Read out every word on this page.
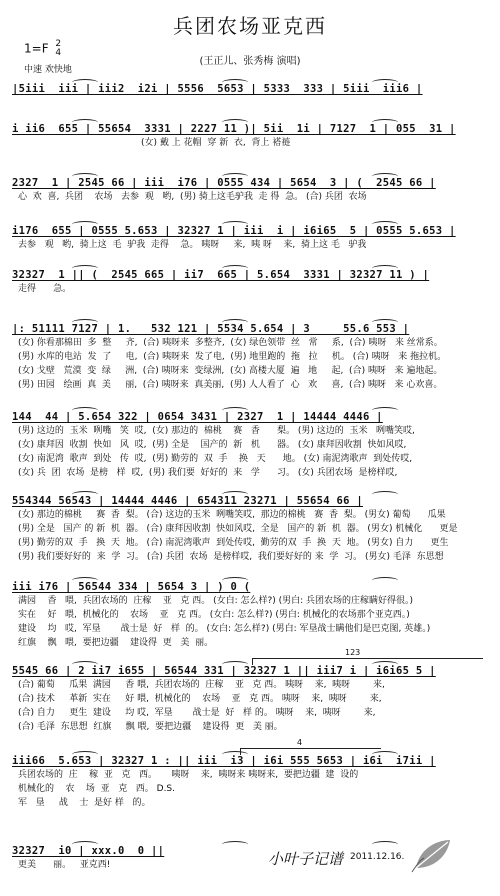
兵团农场亚克西
1=F 2
4
(王正儿、张秀梅 演唱)
中速 欢快地
|5iii  iii | iii2  i2i | 5556  5653 | 5333  333 | 5iii  iii6 |
i ii6  655 | 55654  3331 | 2227 11 )| 5ii  1i | 7127  1 | 055  31 |
(女) 戴 上 花帽  穿 新  衣,  背上 褡裢
2327  1 | 2545 66 | iii  i76 | 0555 434 | 5654  3 | (  2545 66 |
心  欢  喜,  兵团    农场   去参  观   哟,  (男) 骑上这毛驴我  走 得  急。 (合) 兵团  农场
i176  655 | 0555 5.653 | 32327 1 | iii  i | i6i65  5 | 0555 5.653 |
去参   观   哟,  骑上这  毛  驴我  走得    急。 咦呀     来,  咦 呀    来,  骑上这 毛   驴我
32327  1 || (  2545 665 | ii7  665 | 5.654  3331 | 32327 11 ) |
走得      急。
|: 51111 7127 | 1.   532 121 | 5534 5.654 | 3     55.6 553 |
(女) 你看那棉田  多  整     齐,  (合) 咦呀来  多整齐,  (女) 绿色领带  丝   常     系,  (合) 咦呀   来 丝常系。
(男) 水库的电站  发  了     电,  (合) 咦呀来  发了电,  (男) 地里跑的  拖   拉     机。 (合) 咦呀   来 拖拉机。
(女) 戈壁   荒漠  变  绿     洲,  (合) 咦呀来  变绿洲,  (女) 高楼大厦  遍   地     起,  (合) 咦呀   来 遍地起。
(男) 田园   绘画  真  美     丽,  (合) 咦呀来  真美丽,  (男) 人人看了  心   欢     喜,  (合) 咦呀   来 心欢喜。
144  44 | 5.654 322 | 0654 3431 | 2327  1 | 14444 4446 |
(男) 这边的  玉米  咧嘴   笑  哎,  (女) 那边的  棉桃    赛   香      梨。 (男) 这边的  玉米   咧嘴笑哎,
(女) 康拜因  收割  快如   风  哎,  (男) 全是    国产的  新   机      器。 (女) 康拜因收割  快如风哎,
(女) 南泥湾  歌声  到处   传  哎,  (男) 勤劳的  双  手    换   天      地。 (女) 南泥湾歌声  到处传哎,
(女) 兵  团  农场  是榜   样  哎,  (男) 我们要  好好的  来   学      习。 (女) 兵团农场  是榜样哎,
554344 56543 | 14444 4446 | 654311 23271 | 55654 66 |
(女) 那边的棉桃     赛  香  梨。 (合) 这边的玉米  咧嘴笑哎,  那边的棉桃   赛  香  梨。 (男女) 葡萄      瓜果
(男) 全是   国产 的 新  机  器。 (合) 康拜因收割  快如风哎,  全是   国产的 新  机  器。 (男女) 机械化      更是
(男) 勤劳的双  手   换  天  地。 (合) 南泥湾歌声  到处传哎,  勤劳的双  手  换  天  地。 (男女) 自力      更生
(男) 我们要好好的  来  学  习。 (合) 兵团  农场  是榜样哎,  我们要好好的 来  学  习。 (男女) 毛泽  东思想
iii i76 | 56544 334 | 5654 3 | ) 0 (
满园    香   喂,  兵团农场的  庄稼    亚   克 西。 (女白: 怎么样?) (男白: 兵团农场的庄稼瞒好得很。)
实在    好   喂,  机械化的    农场    亚   克 西。 (女白: 怎么样?) (男白: 机械化的农场那个亚克西。)
建设    均   哎,  军垦       战士是  好   样  的。 (女白: 怎么样?) (男白: 军垦战士瞒他们是巴克图, 英雄。)
红旗    飘   喂,  要把边疆    建设得  更   美  丽。
123
5545 66 | 2 ii7 i655 | 56544 331 | 32327 1 || iii7 i | i6i65 5 |
(合) 葡萄     瓜果  满园     香 喂,  兵团农场的  庄稼    亚   克 西。 咦呀    来,  咦呀        来,
(合) 技术     革新  实在     好 喂,  机械化的    农场    亚   克 西。 咦呀    来,  咦呀        来,
(合) 自力     更生  建设     均 哎,  军垦       战士是  好   样 的。 咦呀    来,  咦呀        来,
(合) 毛泽  东思想  红旗     飘 喂,  要把边疆    建设得  更   美 丽。
4
iii66  5.653 | 32327 1 : || iii  i3 | i6i 555 5653 | i6i  i7ii |
兵团农场的  庄    稼  亚   克   西。     咦呀    来,  咦呀来 咦呀来,  要把边疆  建  设的
机械化的    农    场  亚   克   西。 D.S.
军   垦     战    士  是好 样   的。
32327  i0 | xxx.0  0 ||
更美      丽。   亚克西!	小叶子记谱 2011.12.16.
